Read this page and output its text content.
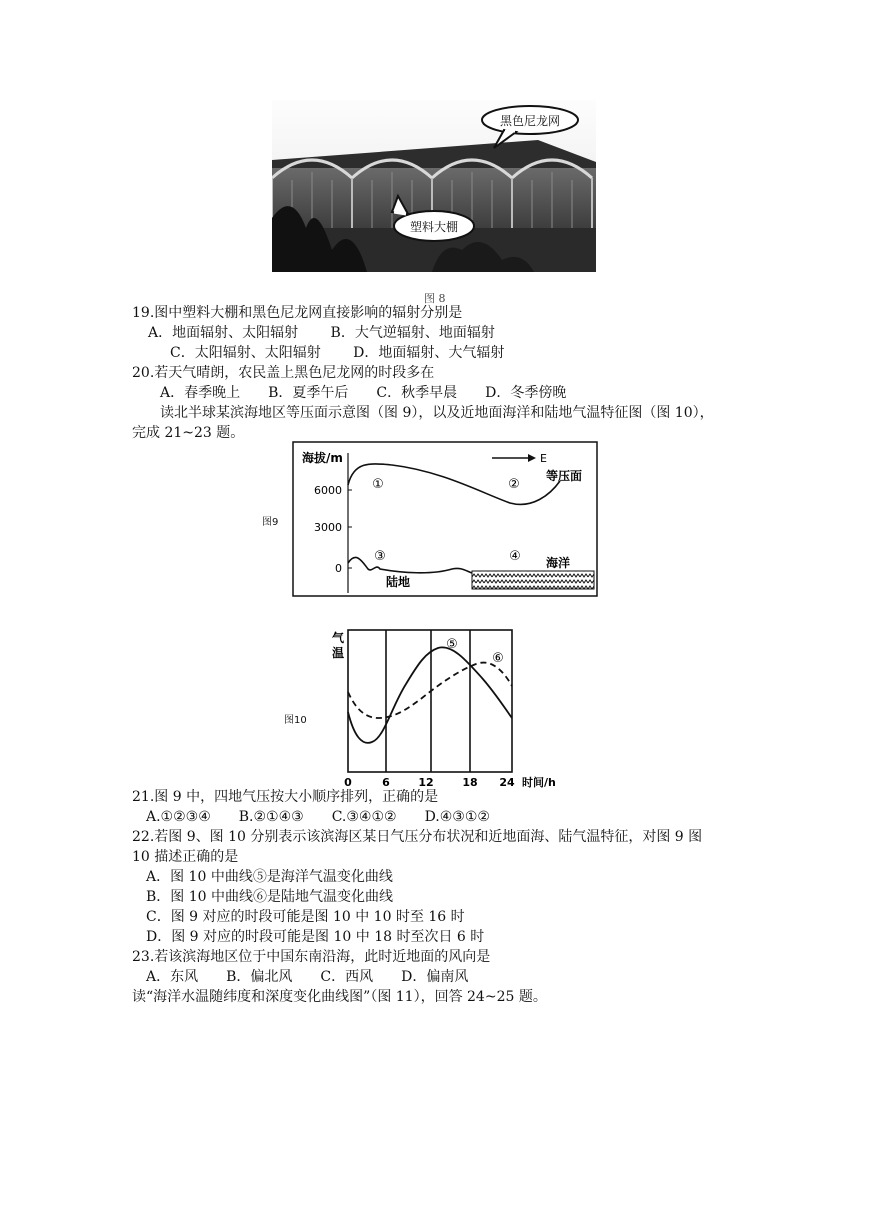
黑色尼龙网
塑料大棚
图 8
19.图中塑料大棚和黑色尼龙网直接影响的辐射分别是
A．地面辐射、太阳辐射　　 B．大气逆辐射、地面辐射
C．太阳辐射、太阳辐射　　 D．地面辐射、大气辐射
20.若天气晴朗，农民盖上黑色尼龙网的时段多在
A．春季晚上　　B．夏季午后　　C．秋季早晨　　D．冬季傍晚
读北半球某滨海地区等压面示意图（图 9），以及近地面海洋和陆地气温特征图（图 10），
完成 21~23 题。
图9
海拔/m
6000
3000
0
E
等压面
①	②
③	④
陆地
海洋
图10
气
温
⑤
⑥
0	6	12	18 24 时间/h
21.图 9 中，四地气压按大小顺序排列，正确的是
A.①②③④　　B.②①④③　　C.③④①②　　D.④③①②
22.若图 9、图 10 分别表示该滨海区某日气压分布状况和近地面海、陆气温特征，对图 9 图
10 描述正确的是
A．图 10 中曲线⑤是海洋气温变化曲线
B．图 10 中曲线⑥是陆地气温变化曲线
C．图 9 对应的时段可能是图 10 中 10 时至 16 时
D．图 9 对应的时段可能是图 10 中 18 时至次日 6 时
23.若该滨海地区位于中国东南沿海，此时近地面的风向是
A．东风　　B．偏北风　　C．西风　　D．偏南风
读“海洋水温随纬度和深度变化曲线图”（图 11），回答 24~25 题。
